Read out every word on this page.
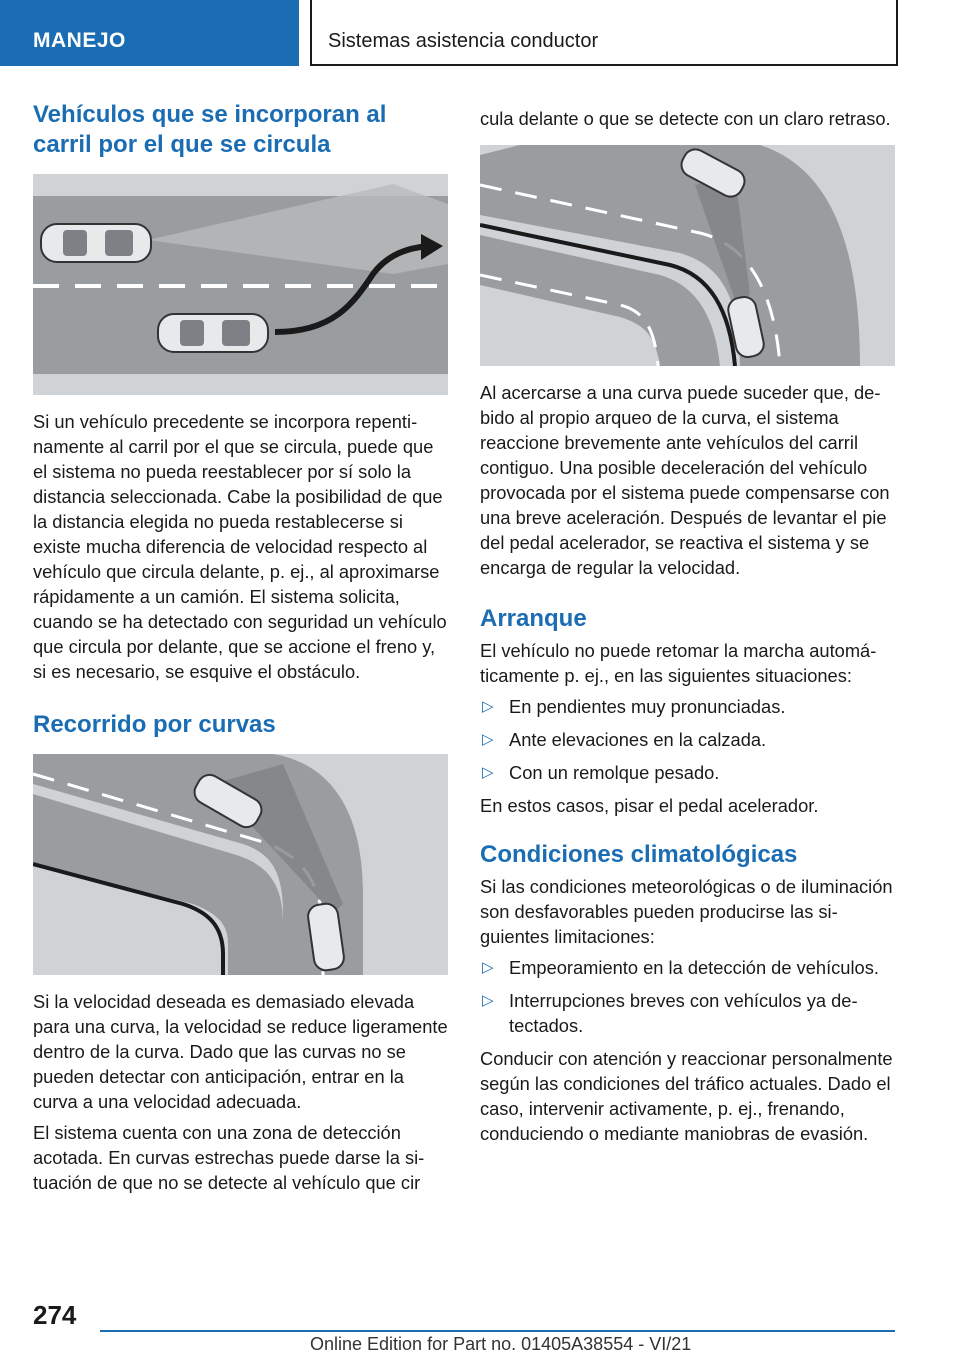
MANEJO	Sistemas asistencia conductor
Vehículos que se incorporan al carril por el que se circula

Si un vehículo precedente se incorpora repentinamente al carril por el que se circula, puede que el sistema no pueda reestablecer por sí solo la distancia seleccionada. Cabe la posibilidad de que la distancia elegida no pueda restablecerse si existe mucha diferencia de velocidad respecto al vehículo que circula delante, p. ej., al aproximarse rápidamente a un camión. El sistema solicita, cuando se ha detectado con seguridad un vehículo que circula por delante, que se accione el freno y, si es necesario, se esquive el obstáculo.

Recorrido por curvas

Si la velocidad deseada es demasiado elevada para una curva, la velocidad se reduce ligeramente dentro de la curva. Dado que las curvas no se pueden detectar con anticipación, entrar en la curva a una velocidad adecuada.

El sistema cuenta con una zona de detección acotada. En curvas estrechas puede darse la situación de que no se detecte al vehículo que cir

cula delante o que se detecte con un claro retraso.

Al acercarse a una curva puede suceder que, debido al propio arqueo de la curva, el sistema reaccione brevemente ante vehículos del carril contiguo. Una posible deceleración del vehículo provocada por el sistema puede compensarse con una breve aceleración. Después de levantar el pie del pedal acelerador, se reactiva el sistema y se encarga de regular la velocidad.

Arranque

El vehículo no puede retomar la marcha automáticamente p. ej., en las siguientes situaciones:

▷ En pendientes muy pronunciadas.
▷ Ante elevaciones en la calzada.
▷ Con un remolque pesado.

En estos casos, pisar el pedal acelerador.

Condiciones climatológicas

Si las condiciones meteorológicas o de iluminación son desfavorables pueden producirse las siguientes limitaciones:

▷ Empeoramiento en la detección de vehículos.
▷ Interrupciones breves con vehículos ya detectados.

Conducir con atención y reaccionar personalmente según las condiciones del tráfico actuales. Dado el caso, intervenir activamente, p. ej., frenando, conduciendo o mediante maniobras de evasión.

274
Online Edition for Part no. 01405A38554 - VI/21
